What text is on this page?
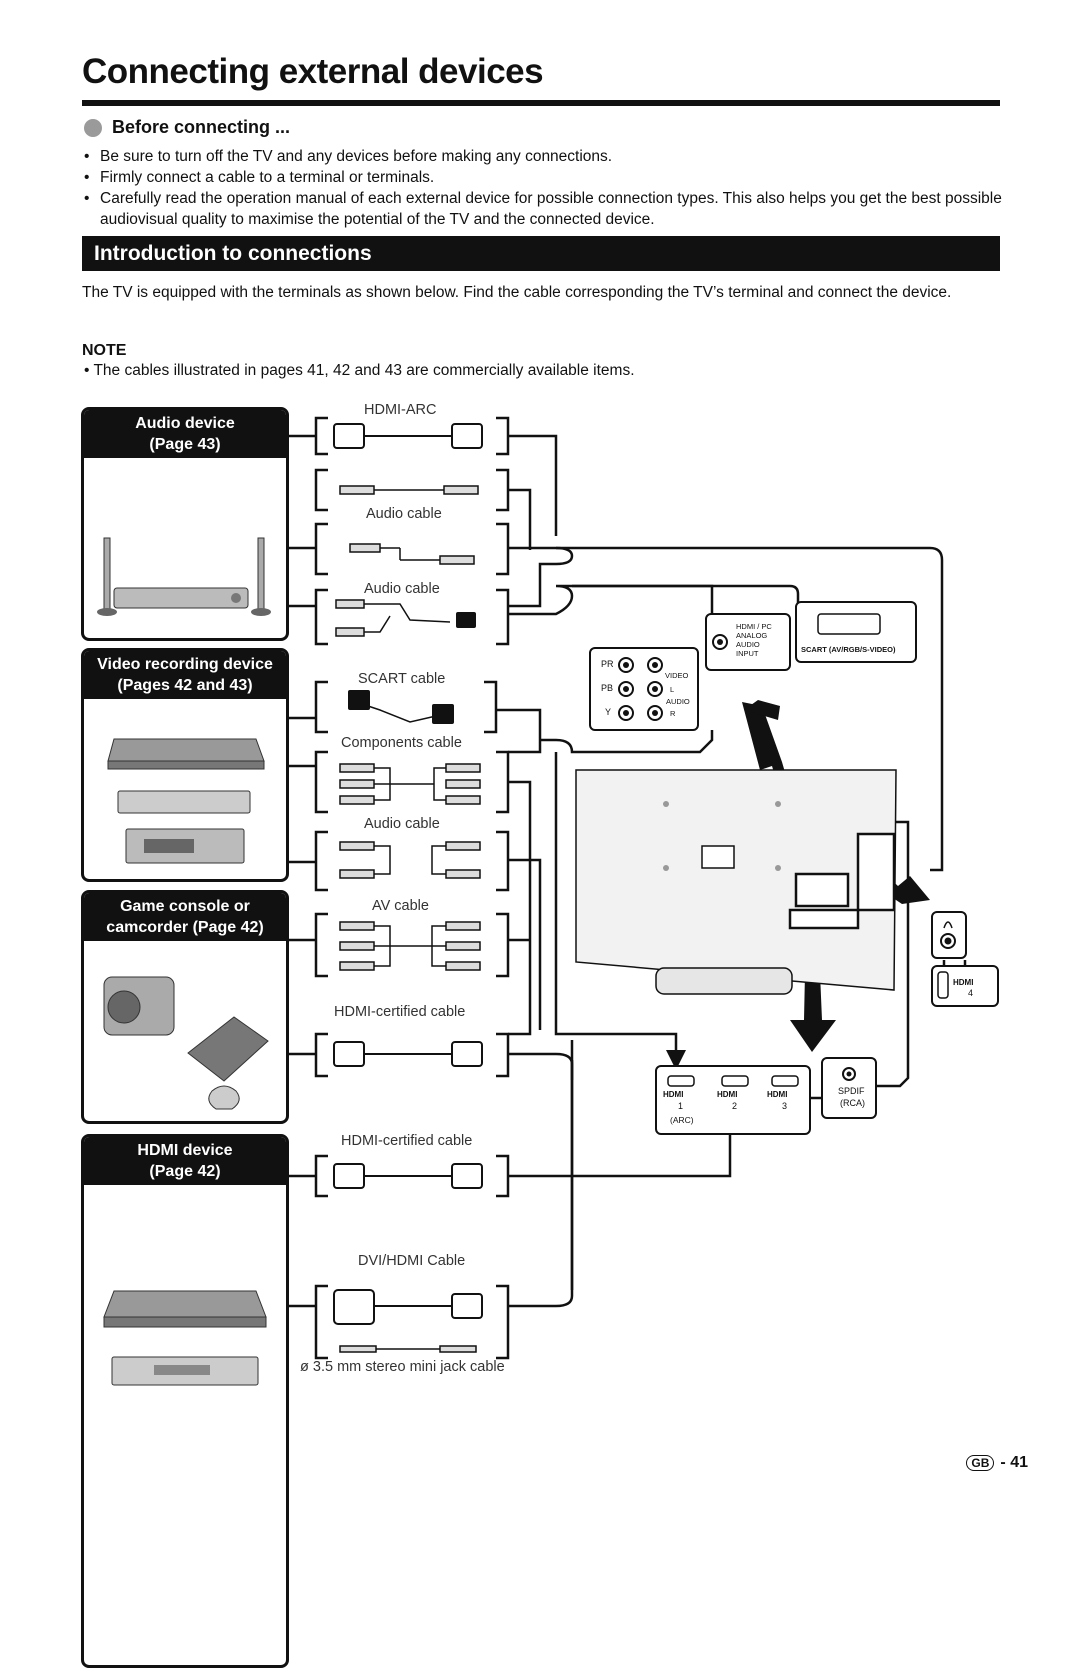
Connecting external devices
Before connecting ...
• Be sure to turn off the TV and any devices before making any connections.
• Firmly connect a cable to a terminal or terminals.
• Carefully read the operation manual of each external device for possible connection types. This also helps you get the best possible audiovisual quality to maximise the potential of the TV and the connected device.
Introduction to connections
The TV is equipped with the terminals as shown below. Find the cable corresponding the TV’s terminal and connect the device.
NOTE
• The cables illustrated in pages 41, 42 and 43 are commercially available items.
Audio device
(Page 43)
Video recording device
(Pages 42 and 43)
Game console or
camcorder (Page 42)
HDMI device
(Page 42)
HDMI-ARC
Audio cable
Audio cable
SCART cable
Components cable
Audio cable
AV cable
HDMI-certified cable
HDMI-certified cable
DVI/HDMI Cable
ø 3.5 mm stereo mini jack cable
HDMI / PC
ANALOG
AUDIO
INPUT	SCART (AV/RGB/S-VIDEO)
PR
PB
Y
VIDEO
L
AUDIO
R
HDMI	HDMI	HDMI
1	2	3
(ARC)
HDMI
4
SPDIF
(RCA)
GB - 41
